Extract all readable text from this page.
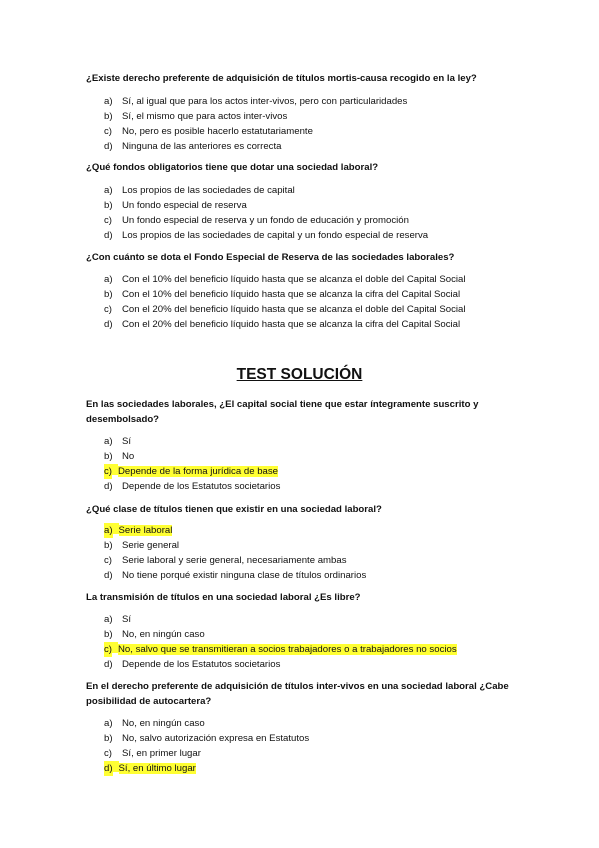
¿Existe derecho preferente de adquisición de títulos mortis-causa recogido en la ley?

a) Sí, al igual que para los actos inter-vivos, pero con particularidades
b) Sí, el mismo que para actos inter-vivos
c) No, pero es posible hacerlo estatutariamente
d) Ninguna de las anteriores es correcta

¿Qué fondos obligatorios tiene que dotar una sociedad laboral?

a) Los propios de las sociedades de capital
b) Un fondo especial de reserva
c) Un fondo especial de reserva y un fondo de educación y promoción
d) Los propios de las sociedades de capital y un fondo especial de reserva

¿Con cuánto se dota el Fondo Especial de Reserva de las sociedades laborales?

a) Con el 10% del beneficio líquido hasta que se alcanza el doble del Capital Social
b) Con el 10% del beneficio líquido hasta que se alcanza la cifra del Capital Social
c) Con el 20% del beneficio líquido hasta que se alcanza el doble del Capital Social
d) Con el 20% del beneficio líquido hasta que se alcanza la cifra del Capital Social
TEST SOLUCIÓN

En las sociedades laborales, ¿El capital social tiene que estar íntegramente suscrito y desembolsado?

a) Sí
b) No
c) Depende de la forma jurídica de base
d) Depende de los Estatutos societarios

¿Qué clase de títulos tienen que existir en una sociedad laboral?

a) Serie laboral
b) Serie general
c) Serie laboral y serie general, necesariamente ambas
d) No tiene porqué existir ninguna clase de títulos ordinarios

La transmisión de títulos en una sociedad laboral ¿Es libre?

a) Sí
b) No, en ningún caso
c) No, salvo que se transmitieran a socios trabajadores o a trabajadores no socios
d) Depende de los Estatutos societarios

En el derecho preferente de adquisición de títulos inter-vivos en una sociedad laboral ¿Cabe posibilidad de autocartera?

a) No, en ningún caso
b) No, salvo autorización expresa en Estatutos
c) Sí, en primer lugar
d) Sí, en último lugar
